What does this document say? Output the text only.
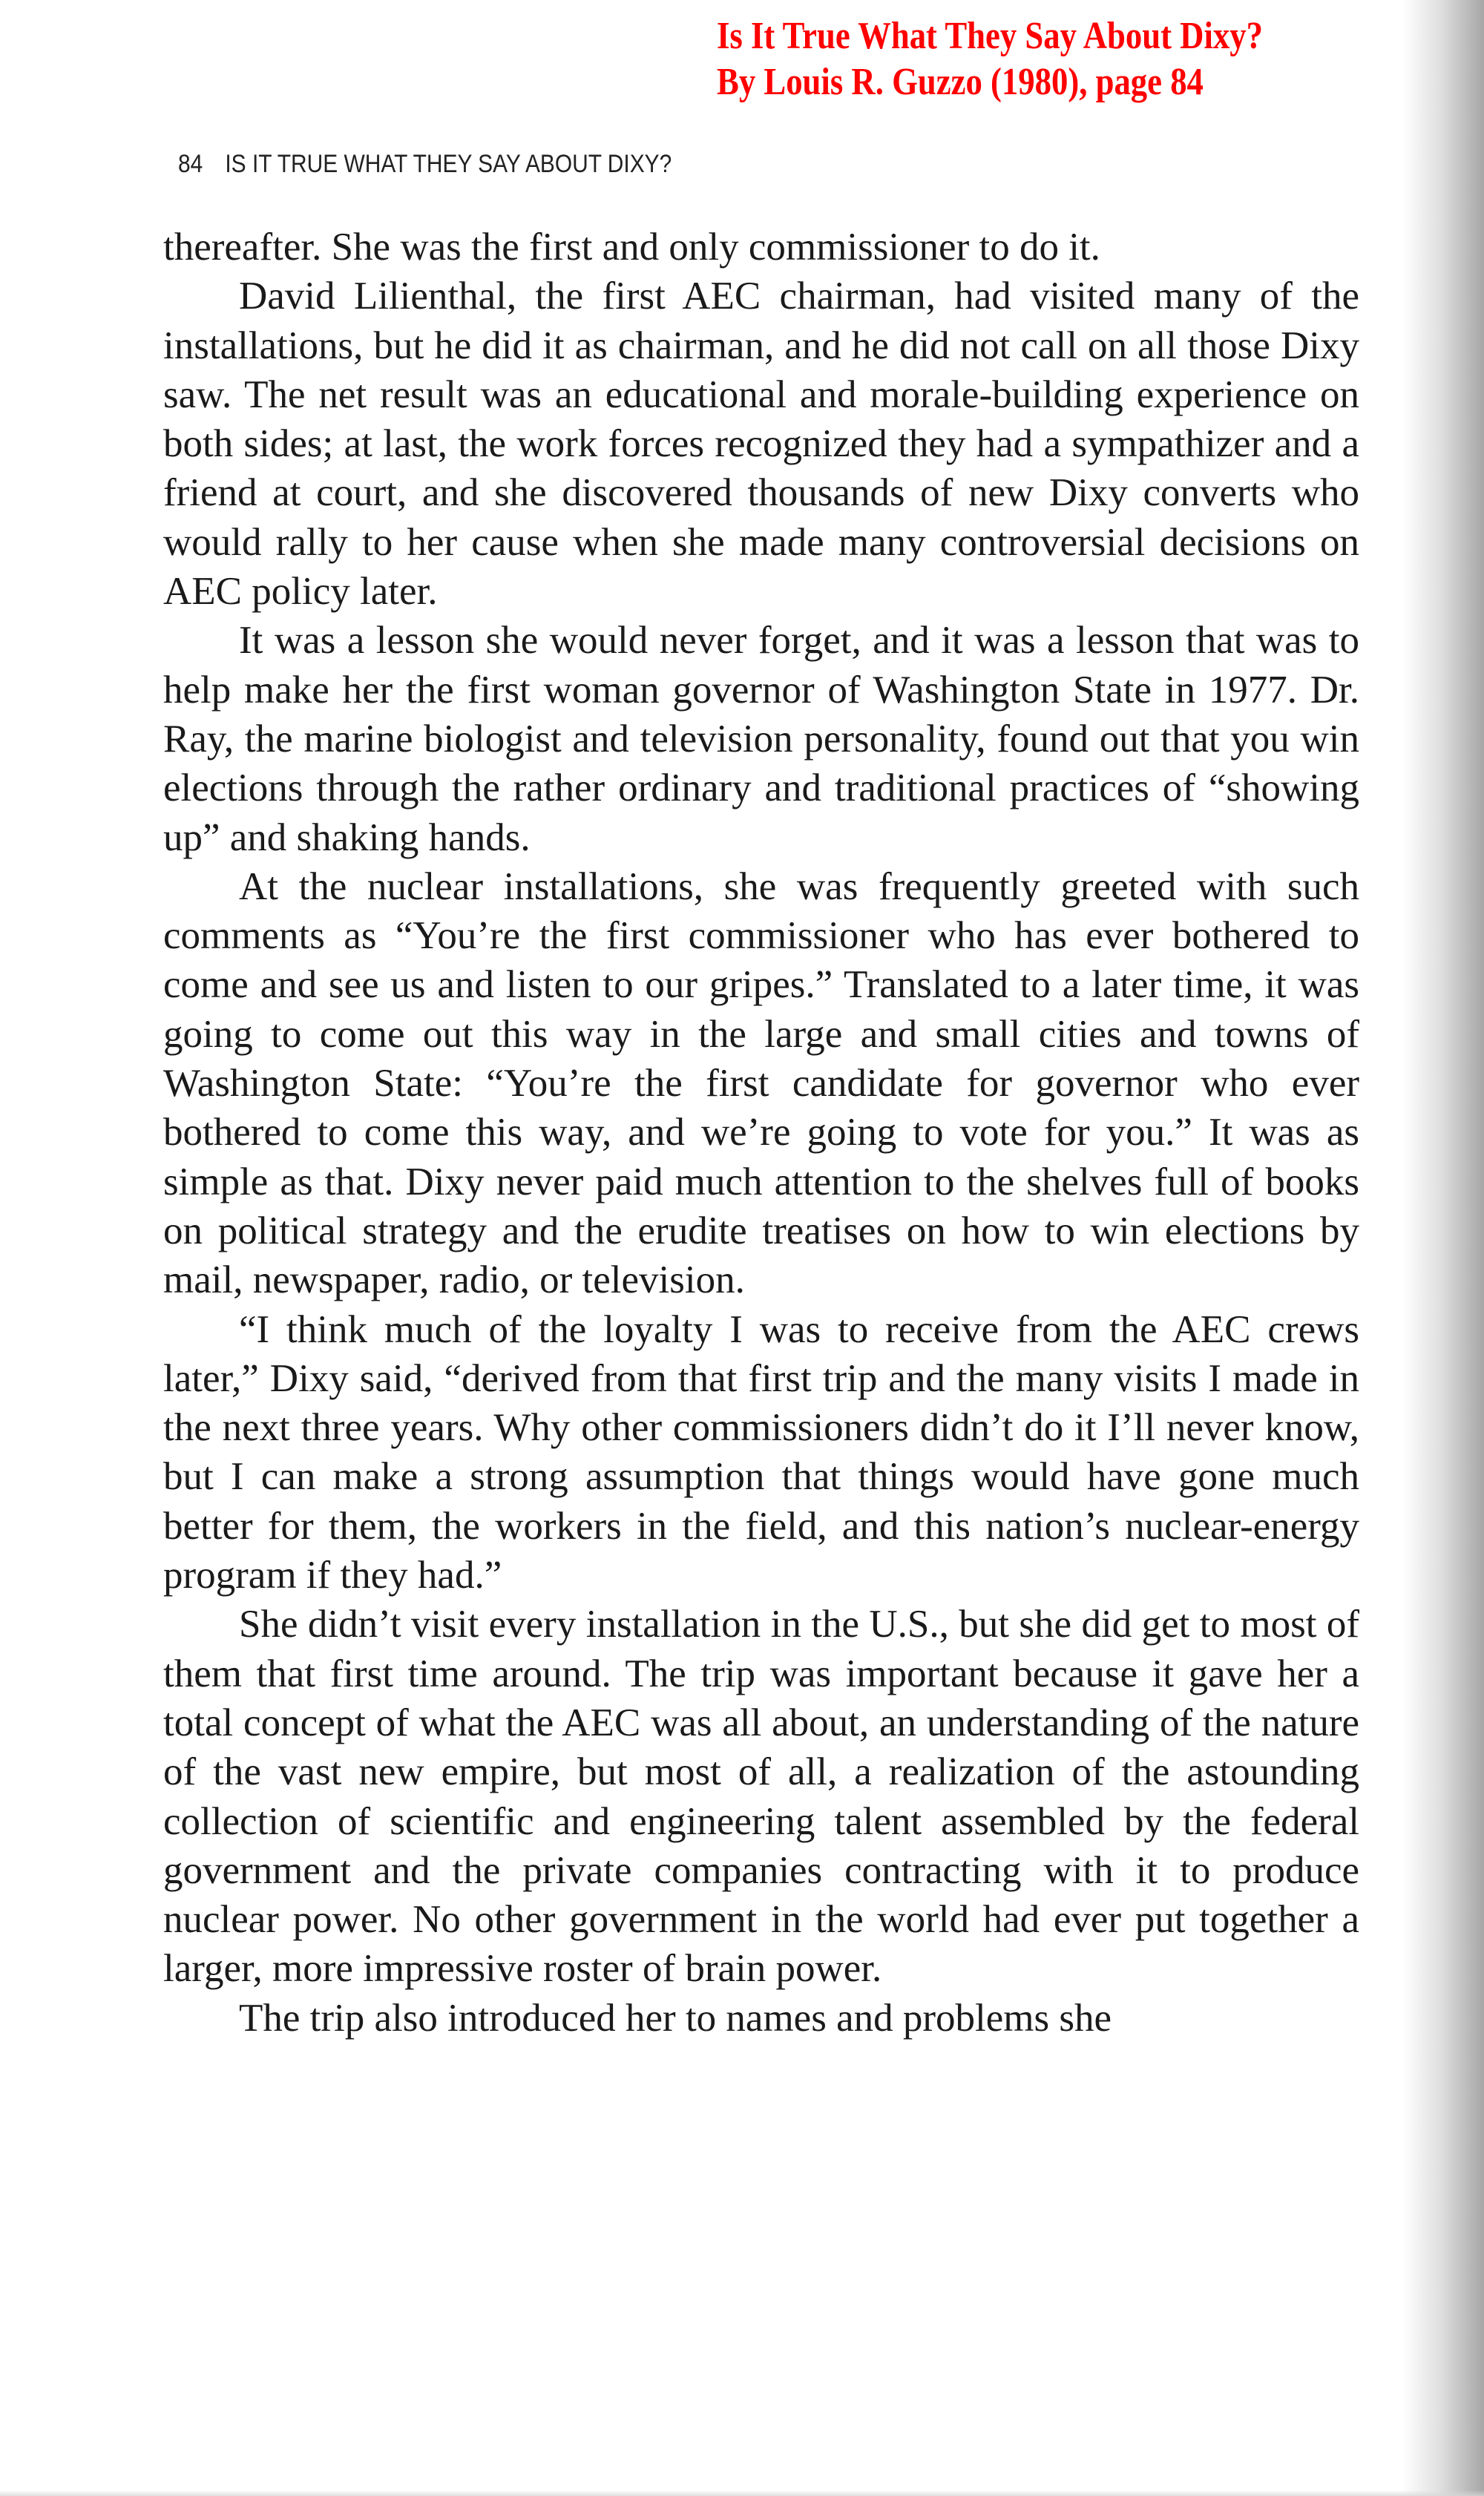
Is It True What They Say About Dixy?
By Louis R. Guzzo (1980), page 84
84 IS IT TRUE WHAT THEY SAY ABOUT DIXY?

thereafter. She was the first and only commissioner to do it.

David Lilienthal, the first AEC chairman, had visited many of the installations, but he did it as chairman, and he did not call on all those Dixy saw. The net result was an educational and morale-building experience on both sides; at last, the work forces recognized they had a sympathizer and a friend at court, and she discovered thousands of new Dixy converts who would rally to her cause when she made many controversial decisions on AEC policy later.

It was a lesson she would never forget, and it was a lesson that was to help make her the first woman governor of Washington State in 1977. Dr. Ray, the marine biologist and television personality, found out that you win elections through the rather ordinary and traditional practices of “showing up” and shaking hands.

At the nuclear installations, she was frequently greeted with such comments as “You’re the first commissioner who has ever bothered to come and see us and listen to our gripes.” Translated to a later time, it was going to come out this way in the large and small cities and towns of Washington State: “You’re the first candidate for governor who ever bothered to come this way, and we’re going to vote for you.” It was as simple as that. Dixy never paid much attention to the shelves full of books on political strategy and the erudite treatises on how to win elections by mail, newspaper, radio, or television.

“I think much of the loyalty I was to receive from the AEC crews later,” Dixy said, “derived from that first trip and the many visits I made in the next three years. Why other commissioners didn’t do it I’ll never know, but I can make a strong assumption that things would have gone much better for them, the workers in the field, and this nation’s nuclear-energy program if they had.”

She didn’t visit every installation in the U.S., but she did get to most of them that first time around. The trip was important because it gave her a total concept of what the AEC was all about, an understanding of the nature of the vast new empire, but most of all, a realization of the astounding collection of scientific and engineering talent assembled by the federal government and the private companies contracting with it to produce nuclear power. No other government in the world had ever put together a larger, more impressive roster of brain power.

The trip also introduced her to names and problems she
